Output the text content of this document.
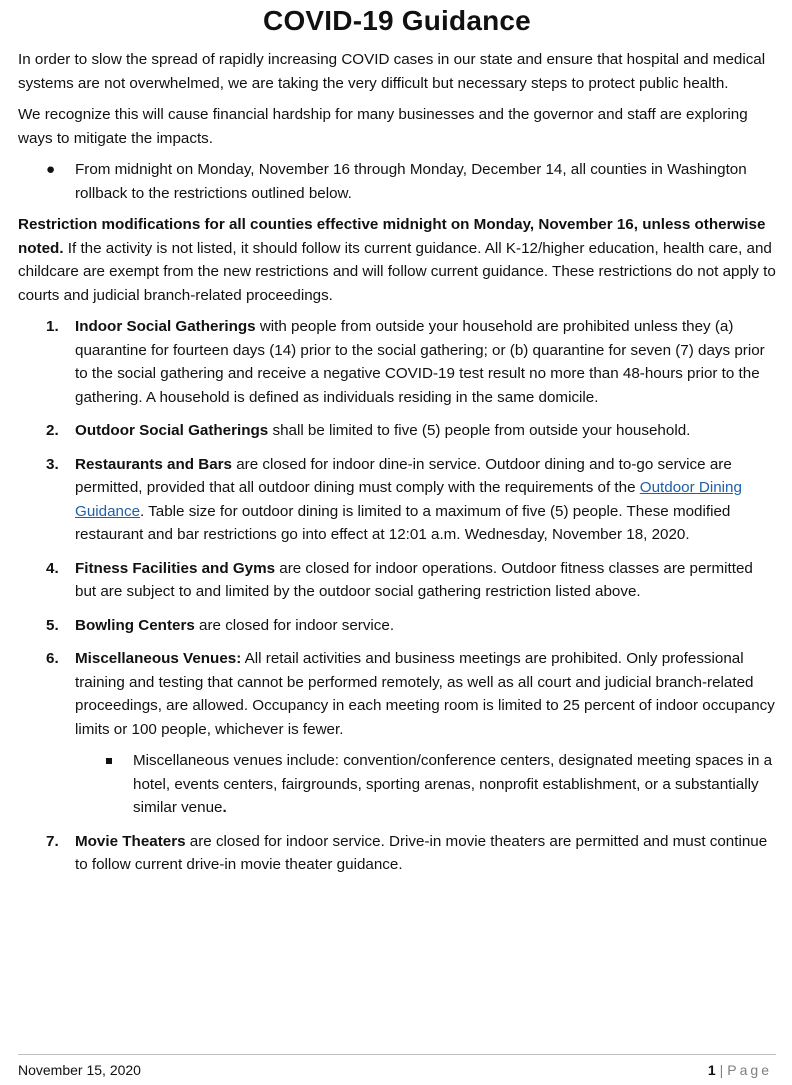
COVID-19 Guidance

In order to slow the spread of rapidly increasing COVID cases in our state and ensure that hospital and medical systems are not overwhelmed, we are taking the very difficult but necessary steps to protect public health.

We recognize this will cause financial hardship for many businesses and the governor and staff are exploring ways to mitigate the impacts.

● From midnight on Monday, November 16 through Monday, December 14, all counties in Washington rollback to the restrictions outlined below.

Restriction modifications for all counties effective midnight on Monday, November 16, unless otherwise noted. If the activity is not listed, it should follow its current guidance. All K-12/higher education, health care, and childcare are exempt from the new restrictions and will follow current guidance. These restrictions do not apply to courts and judicial branch-related proceedings.

1. Indoor Social Gatherings with people from outside your household are prohibited unless they (a) quarantine for fourteen days (14) prior to the social gathering; or (b) quarantine for seven (7) days prior to the social gathering and receive a negative COVID-19 test result no more than 48-hours prior to the gathering. A household is defined as individuals residing in the same domicile.
2. Outdoor Social Gatherings shall be limited to five (5) people from outside your household.
3. Restaurants and Bars are closed for indoor dine-in service. Outdoor dining and to-go service are permitted, provided that all outdoor dining must comply with the requirements of the Outdoor Dining Guidance. Table size for outdoor dining is limited to a maximum of five (5) people. These modified restaurant and bar restrictions go into effect at 12:01 a.m. Wednesday, November 18, 2020.
4. Fitness Facilities and Gyms are closed for indoor operations. Outdoor fitness classes are permitted but are subject to and limited by the outdoor social gathering restriction listed above.
5. Bowling Centers are closed for indoor service.
6. Miscellaneous Venues: All retail activities and business meetings are prohibited. Only professional training and testing that cannot be performed remotely, as well as all court and judicial branch-related proceedings, are allowed. Occupancy in each meeting room is limited to 25 percent of indoor occupancy limits or 100 people, whichever is fewer.
Miscellaneous venues include: convention/conference centers, designated meeting spaces in a hotel, events centers, fairgrounds, sporting arenas, nonprofit establishment, or a substantially similar venue.
7. Movie Theaters are closed for indoor service. Drive-in movie theaters are permitted and must continue to follow current drive-in movie theater guidance.
November 15, 2020	1 | Page
